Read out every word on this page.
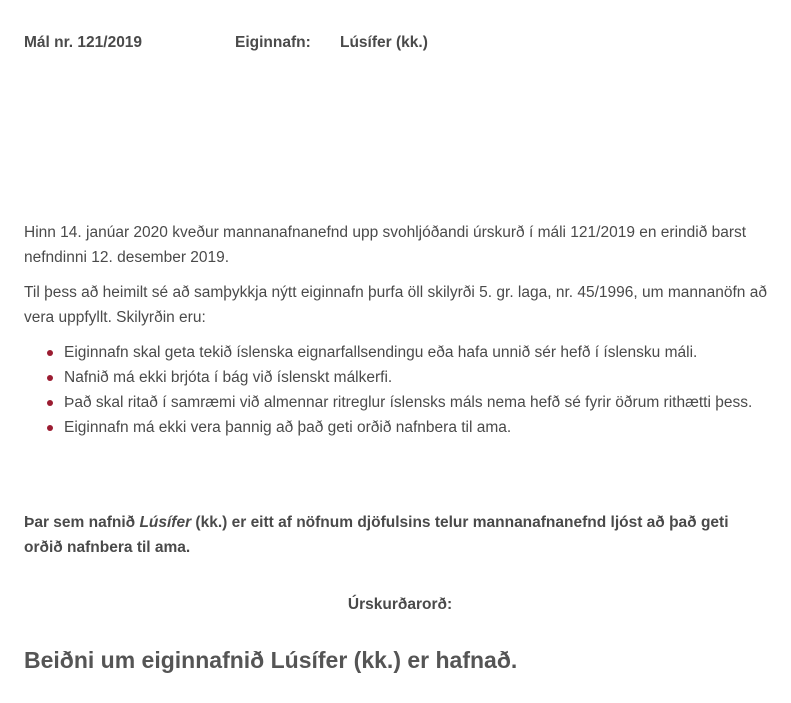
Mál nr. 121/2019	Eiginnafn: Lúsífer (kk.)

Hinn 14. janúar 2020 kveður mannanafnanefnd upp svohljóðandi úrskurð í máli 121/2019 en erindið barst nefndinni 12. desember 2019.

Til þess að heimilt sé að samþykkja nýtt eiginnafn þurfa öll skilyrði 5. gr. laga, nr. 45/1996, um mannanöfn að vera uppfyllt. Skilyrðin eru:

Eiginnafn skal geta tekið íslenska eignarfallsendingu eða hafa unnið sér hefð í íslensku máli.
Nafnið má ekki brjóta í bág við íslenskt málkerfi.
Það skal ritað í samræmi við almennar ritreglur íslensks máls nema hefð sé fyrir öðrum rithætti þess.
Eiginnafn má ekki vera þannig að það geti orðið nafnbera til ama.

Þar sem nafnið Lúsífer (kk.) er eitt af nöfnum djöfulsins telur mannanafnanefnd ljóst að það geti orðið nafnbera til ama.

Úrskurðarorð:
Beiðni um eiginnafnið Lúsífer (kk.) er hafnað.
